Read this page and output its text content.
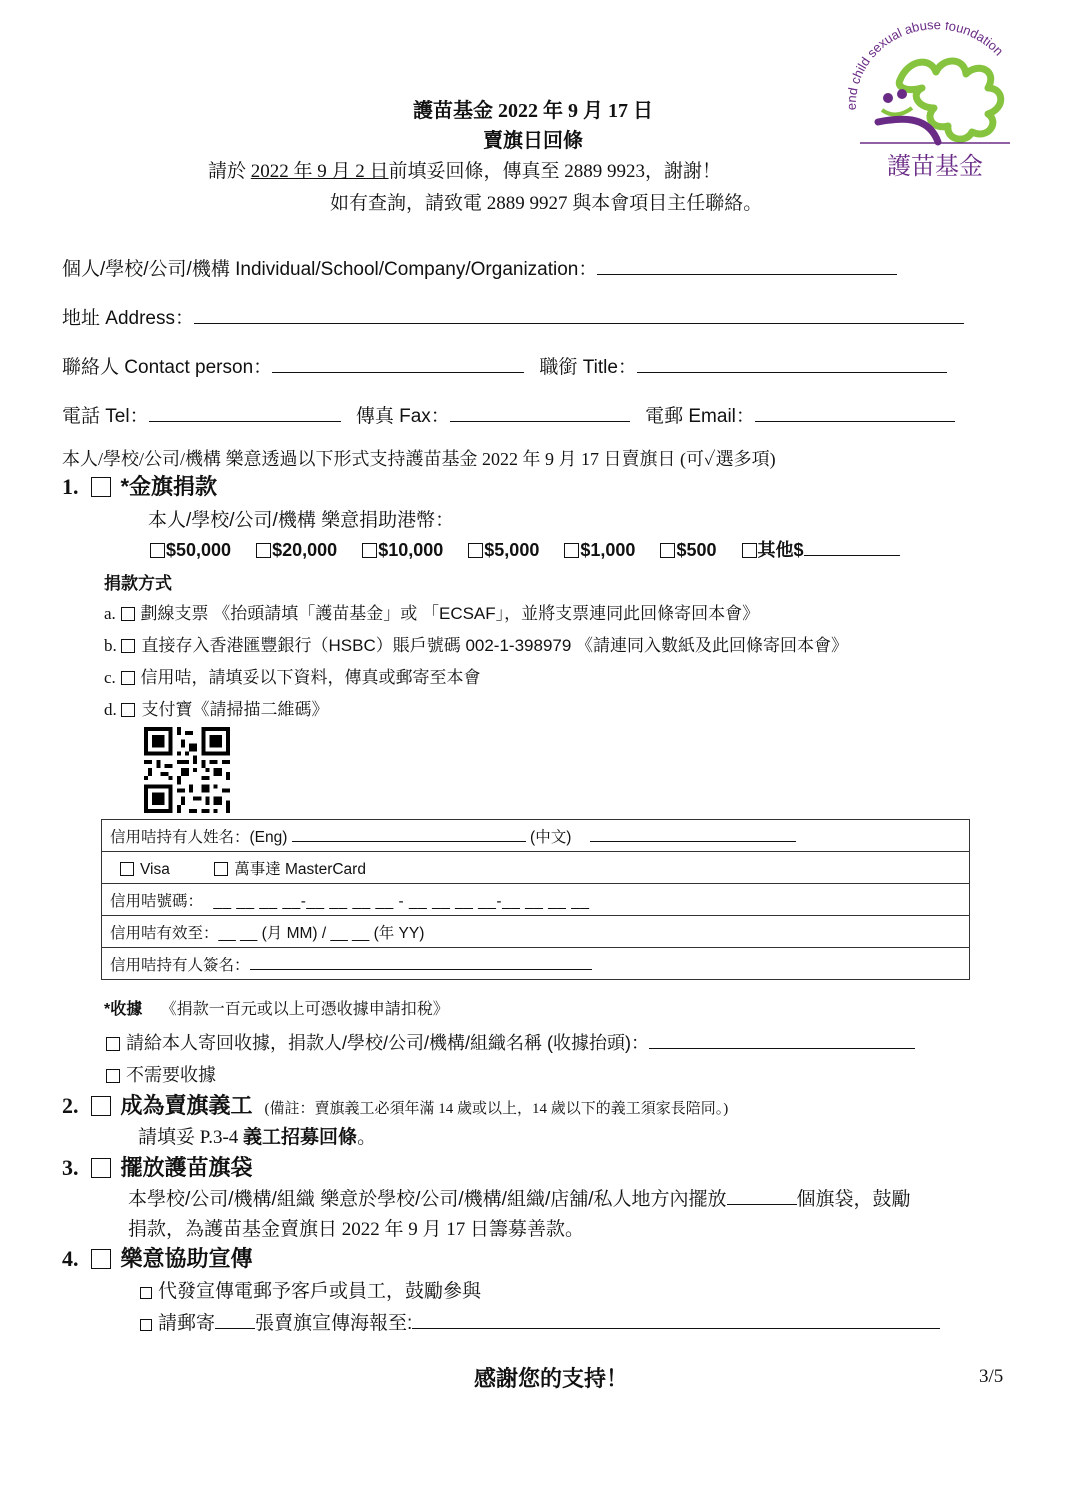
end child sexual abuse foundation
護苗基金
護苗基金 2022 年 9 月 17 日
賣旗日回條
請於 2022 年 9 月 2 日前填妥回條，傳真至 2889 9923，謝謝！
如有查詢，請致電 2889 9927 與本會項目主任聯絡。
個人/學校/公司/機構 Individual/School/Company/Organization：
地址 Address：
聯絡人 Contact person：	職銜 Title：
電話 Tel：	傳真 Fax：	電郵 Email：
本人/學校/公司/機構 樂意透過以下形式支持護苗基金 2022 年 9 月 17 日賣旗日 (可✓選多項)
1. *金旗捐款
本人/學校/公司/機構 樂意捐助港幣：
$50,000 $20,000 $10,000 $5,000 $1,000 $500 其他$
捐款方式
a. 劃線支票 《抬頭請填「護苗基金」或 「ECSAF」，並將支票連同此回條寄回本會》
b. 直接存入香港匯豐銀行（HSBC）賬戶號碼 002-1-398979 《請連同入數紙及此回條寄回本會》
c. 信用咭，請填妥以下資料，傳真或郵寄至本會
d. 支付寶《請掃描二維碼》
信用咭持有人姓名：(Eng)	(中文)
Visa	萬事達 MasterCard
信用咭號碼： __ __ __ __-__ __ __ __ - __ __ __ __-__ __ __ __
信用咭有效至：__ __ (月 MM) / __ __ (年 YY)
信用咭持有人簽名：
*收據 《捐款一百元或以上可憑收據申請扣稅》
請給本人寄回收據，捐款人/學校/公司/機構/組織名稱 (收據抬頭)：
不需要收據
2. 成為賣旗義工 (備註：賣旗義工必須年滿 14 歲或以上，14 歲以下的義工須家長陪同。)
請填妥 P.3-4 義工招募回條。
3. 擺放護苗旗袋
本學校/公司/機構/組織 樂意於學校/公司/機構/組織/店舖/私人地方內擺放	個旗袋，鼓勵
捐款，為護苗基金賣旗日 2022 年 9 月 17 日籌募善款。
4. 樂意協助宣傳
代發宣傳電郵予客戶或員工，鼓勵參與
請郵寄 張賣旗宣傳海報至:
感謝您的支持！	3/5
